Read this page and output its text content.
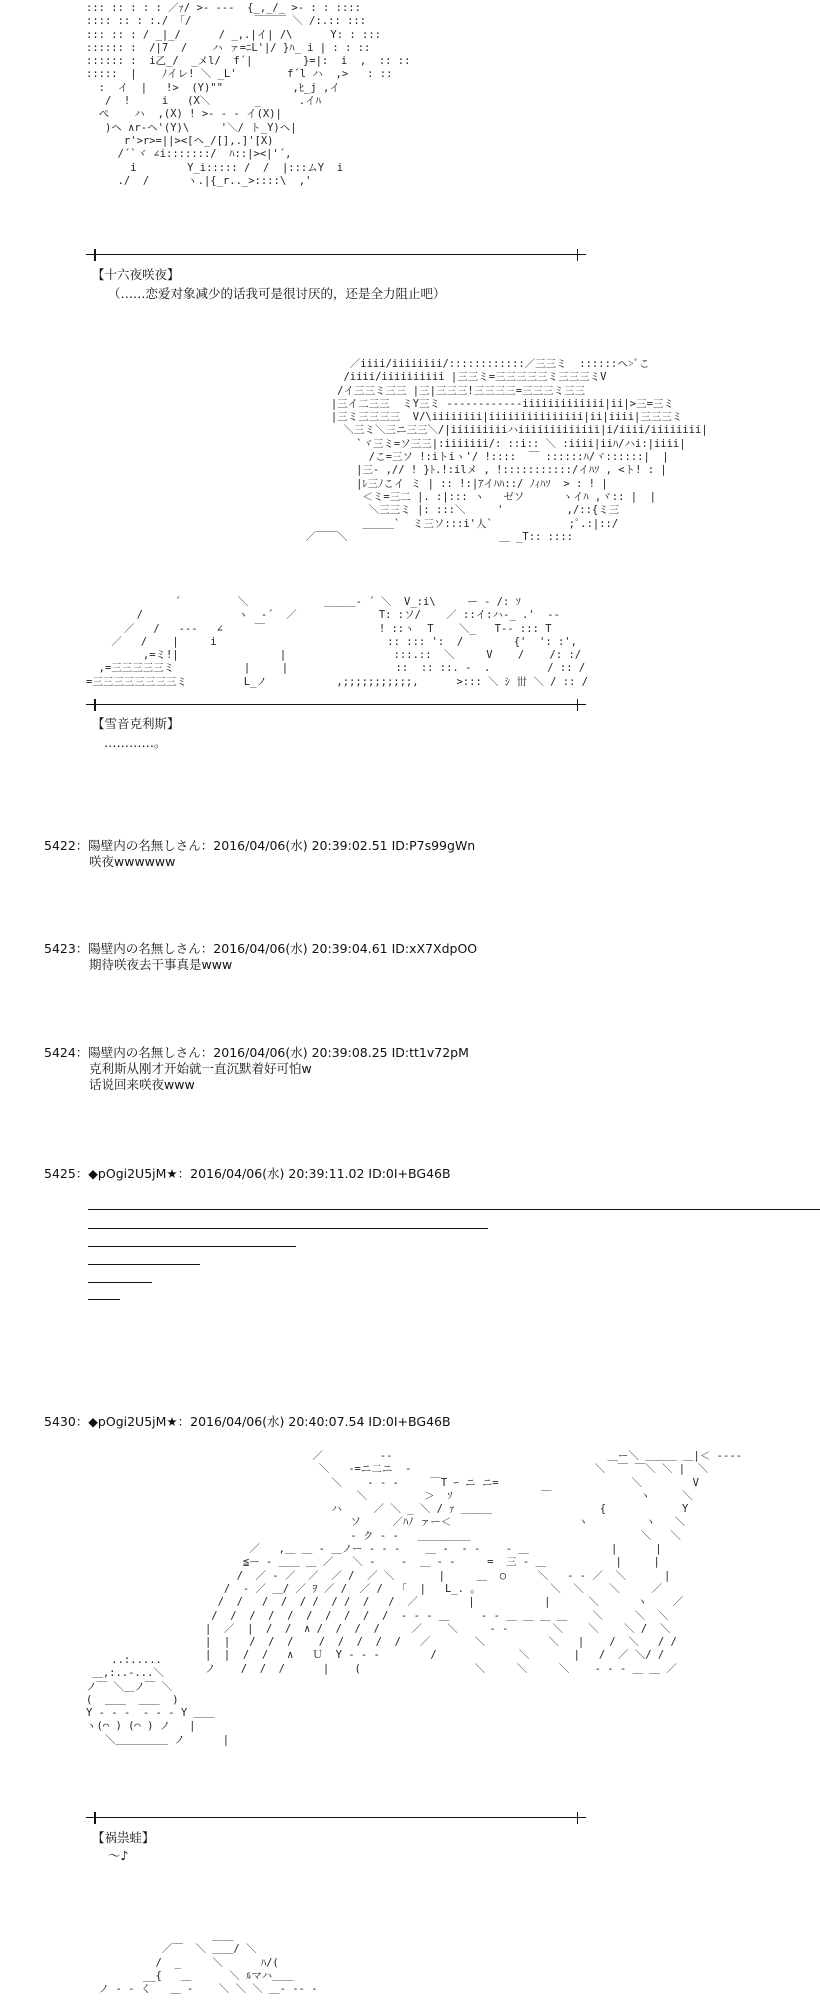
::: :: : : : ／ｧ/ >‐ ‐‐‐  {_,_/_ >‐ : : ::::
:::: :: : :./ 「/          ￣￣￣ ＼ /:.:: :::
::: :: : / _|_/      / _,.|イ| /\      Y: : :::
:::::: :  /|7  /    ハ ァ=ﾆL'|/ }ﾊ_ i | : : ::
:::::: :  i乙_/  _メl/  f´|        }=|:  i  ,  :: ::
:::::  |    ﾉイレ! ＼ _L'        f´l ハ  ,>   : ::
:  イ  |   !>  (Y)""           ,ﾋ_j ,イ
/  !     i   (X＼       _      .イﾊ
ぺ    ハ  ,(X) ! >‐ ‐ ‐ イ(X)|
)ヘ ∧r-ヘ'(Y)\     '＼/ ト_Y)ヘ|
r'>r>=||><[ヘ_/[],.]'[X)
/´`ヾ ∠i:::::::/  ﾊ::|><|'´,
i        Y_i::::: /  /  |:::ムY  i
./  /      ヽ.|{_r.._>::::\  ,'
【十六夜咲夜】
（……恋爱对象减少的话我可是很讨厌的，还是全力阻止吧）
／iiii/iiiiiiii/::::::::::::／三三ミ  ::::::ヘ>ﾞこ
/iiii/iiiiiiiiii |三三ミ=三三三三三ミ三三三ミV
/イ三三ミ三三 |三|三三三!三三三三=三三三ミ三三
|三イ二三三  ミY三ミ ‐‐‐‐‐‐‐‐‐‐‐-iiiiiiiiiiiii|ii|>三=三ミ
|三ミ三三三三  V/\iiiiiiii|iiiiiiiiiiiiiii|ii|iiii|三三三ミ
＼三ミ＼三ニ三三＼/|iiiiiiiiiハiiiiiiiiiiiii|i/iiii/iiiiiiii|
`ヾ三ミ=ソ三三|:iiiiiii/: ::i:: ＼ :iiii|iiﾊ/ハi:|iiii|
/こ=三ソ !:iトiヽ'/ !::::  ￣ ::::::ﾊ/ヾ::::::|  |
|三‐ ,// ! }ﾄ.!:ilメ , !:::::::::::/イﾊｿ , <ト! : |
|ﾚ三ﾉこイ ミ | :: !:|ｱイﾊﾊ::/ ﾉｨﾊｿ  > : ! |
＜ミ=三二 |. :|::: ヽ   ゼソ      ヽイﾊ ,ヾ:: |  |
＼三三ミ |: :::＼     '          ,/::{ミ三
＿＿＿`  ミ三ソ:::i'人`            ;ﾟ.:|::/
／￣￣＼                        ＿ _T:: ::::
´         ＼            ＿＿＿- ´ ＼  V_:i\     ー ‐ /: ｿ
/               ヽ  ‐´  ／             T: :ソ/    ／ ::イ:ハ-_ .'  ‐‐
／   /   ‐‐‐   ∠     ￣                  ! ::ヽ  T    ＼_   T‐‐ ::: T
／   /    |     i                           :: ::: ':  /        {'  ': :',
,=ミ!|                |                 :::.::  ＼     V    /    /: :/
,=三三三三三ミ           |     |                 ::  :: ::. -  .         / :: /
=三三三三三三三三ミ         L_ノ           ,;;;;;;;;;;;,      >::: ＼ ｼ 丗 ＼ / :: /
【雪音克利斯】
…………。
5422：陽壁内の名無しさん：2016/04/06(水) 20:39:02.51 ID:P7s99gWn
咲夜wwwwww
5423：陽壁内の名無しさん：2016/04/06(水) 20:39:04.61 ID:xX7XdpOO
期待咲夜去干事真是www
5424：陽壁内の名無しさん：2016/04/06(水) 20:39:08.25 ID:tt1v72pM
克利斯从刚才开始就一直沉默着好可怕w
话说回来咲夜www
5425：◆pOgi2U5jM★：2016/04/06(水) 20:39:11.02 ID:0I+BG46B
5430：◆pOgi2U5jM★：2016/04/06(水) 20:40:07.54 ID:0I+BG46B
／         -‐                                  ＿ー＼ ＿＿＿ ＿|＜ ‐‐‐‐
＼   ‐=ニ二ニ  ‐                             ＼  ￣ ￣＼ ＼ |  ＼
＼    ‐ ‐ ‐     ￣T ｰ ニ ニ=                     ＼        V
＼         ＞  ｿ              ￣              ヽ     ＼
ハ     ／ ＼ _ ＼ / ｧ ＿＿＿                 {            Y
ソ     ／ﾊﾉ ァー＜                    ヽ         ヽ   ＼
‐ ク ‐ ‐   ＿＿＿＿＿                           ＼   ＼
／   ,＿ ＿ ‐ ＿ノー ‐ ‐ ‐    ＿ ‐  ‐ ‐    ‐ ＿             |      |
≦ー ‐ ＿＿ ＿ ／   ＼ ‐    ‐  ＿ ‐ ‐     =  三 ‐ ＿           |     |
/  ／ ‐ ／  ／  ／ /  ／ ＼       |     ＿  ○     ＼   ‐ ‐ ／  ＼      |
/  ‐ ／ ＿/ ／ ｦ ／ /  ／ /   ｢  |   L_. 。           ＼  ＼    ＼     ／
/  /   /  /  / /  / /  /   /  ／        |           |      ＼      ヽ    ／
/  /  /  /  /  /  /  /  /  /  ‐ ‐ ‐ ＿     ‐ ‐ ＿ ＿ ＿ ＿    ＼     ＼  ＼
|  ／  |  /  /  ∧ /  /  /  /     ／    ＼     ‐ ‐       ＼    ＼    ＼ /  ＼
|  |   /  /  /    /  /  /  /  /   ／       ＼          ＼   |    /  ＼   / /
|  |  /  /   ∧   Ｕ  Y ‐ ‐ ‐        /             ＼       |   /  ／ ＼/ /
ノ    /  /  /      |    (                  ＼     ＼     ＼    ‐ ‐ ‐ ＿ ＿ ／
..:.....
＿,:..-...＼
ノ￣ ＼＿ノ￣ ＼
(  ＿＿  ＿＿  )
Y ‐ ‐ ‐  ‐ ‐ ‐ Y ＿＿
ヽ(⌒ ) (⌒ ) ノ   |
＼＿＿＿＿＿ ノ      |
【祸祟蛙】
～♪
＿＿
／￣  ＼ ＿＿/ ＼
/  _     ＼      ﾊ/(
__{   ＿      ＼ ﾙマハ＿＿
ノ ‐ ‐ く   ＿ ‐    ＼ ＼ ＼ ＿‐ ‐‐ ‐
